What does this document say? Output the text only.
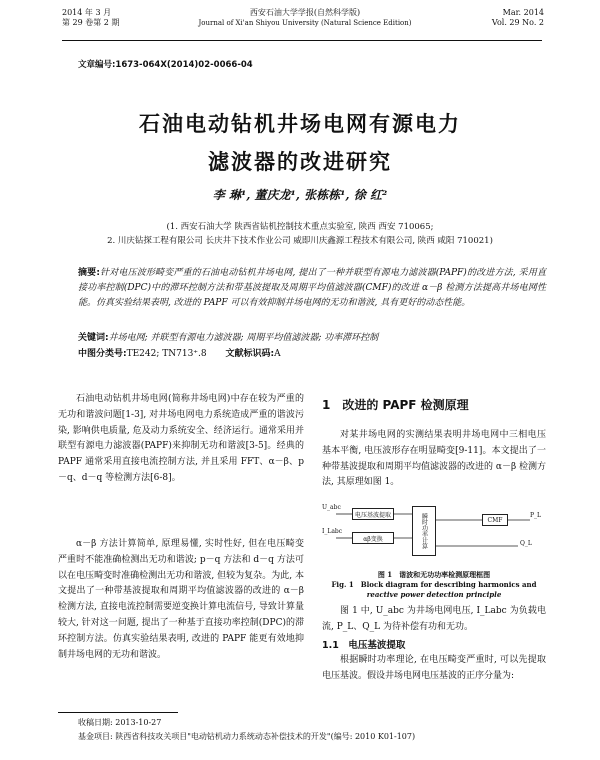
2014 年 3 月
第 29 卷第 2 期
西安石油大学学报(自然科学版)
Journal of Xi'an Shiyou University (Natural Science Edition)
Mar. 2014
Vol. 29 No. 2
文章编号:1673-064X(2014)02-0066-04
石油电动钻机井场电网有源电力
滤波器的改进研究
李 琳¹, 董庆龙¹, 张栋栋¹, 徐 红²
(1. 西安石油大学 陕西省钻机控制技术重点实验室, 陕西 西安 710065;
2. 川庆钻探工程有限公司 长庆井下技术作业公司 威即川庆鑫源工程技术有限公司, 陕西 咸阳 710021)
摘要:针对电压波形畸变严重的石油电动钻机井场电网, 提出了一种并联型有源电力滤波器(PAPF)的改进方法, 采用直接功率控制(DPC)中的滞环控制方法和带基波提取及周期平均值滤波器(CMF)的改进 α－β 检测方法提高井场电网性能。仿真实验结果表明, 改进的 PAPF 可以有效抑制井场电网的无功和谐波, 具有更好的动态性能。
关键词:井场电网; 并联型有源电力滤波器; 周期平均值滤波器; 功率滞环控制
中图分类号:TE242; TN713⁺.8 文献标识码:A
石油电动钻机井场电网(简称井场电网)中存在较为严重的无功和谐波问题[1-3], 对井场电网电力系统造成严重的谐波污染, 影响供电质量, 危及动力系统安全、经济运行。通常采用并联型有源电力滤波器(PAPF)来抑制无功和谐波[3-5]。经典的 PAPF 通常采用直接电流控制方法, 并且采用 FFT、α－β、p－q、d－q 等检测方法[6-8]。
α－β 方法计算简单, 原理易懂, 实时性好, 但在电压畸变严重时不能准确检测出无功和谐波; p－q 方法和 d－q 方法可以在电压畸变时准确检测出无功和谐波, 但较为复杂。为此, 本文提出了一种带基波提取和周期平均值滤波器的改进的 α－β 检测方法, 直接电流控制需要逆变换计算电流信号, 导致计算量较大, 针对这一问题, 提出了一种基于直接功率控制(DPC)的滞环控制方法。仿真实验结果表明, 改进的 PAPF 能更有效地抑制井场电网的无功和谐波。
1　改进的 PAPF 检测原理
对某井场电网的实测结果表明井场电网中三相电压基本平衡, 电压波形存在明显畸变[9-11]。本文提出了一种带基波提取和周期平均值滤波器的改进的 α－β 检测方法, 其原理如图 1。
电压基波提取
αβ变换	瞬时功率计算	CMF
U_abc
I_Labc
P_L
Q_L
图 1　谐波和无功功率检测原理框图
Fig. 1　Block diagram for describing harmonics and
reactive power detection principle
图 1 中, U_abc 为井场电网电压, I_Labc 为负载电流, P_L、Q_L 为待补偿有功和无功。
1.1　电压基波提取
根据瞬时功率理论, 在电压畸变严重时, 可以先提取电压基波。假设井场电网电压基波的正序分量为:
收稿日期: 2013-10-27
基金项目: 陕西省科技攻关项目"电动钻机动力系统动态补偿技术的开发"(编号: 2010 K01-107)
